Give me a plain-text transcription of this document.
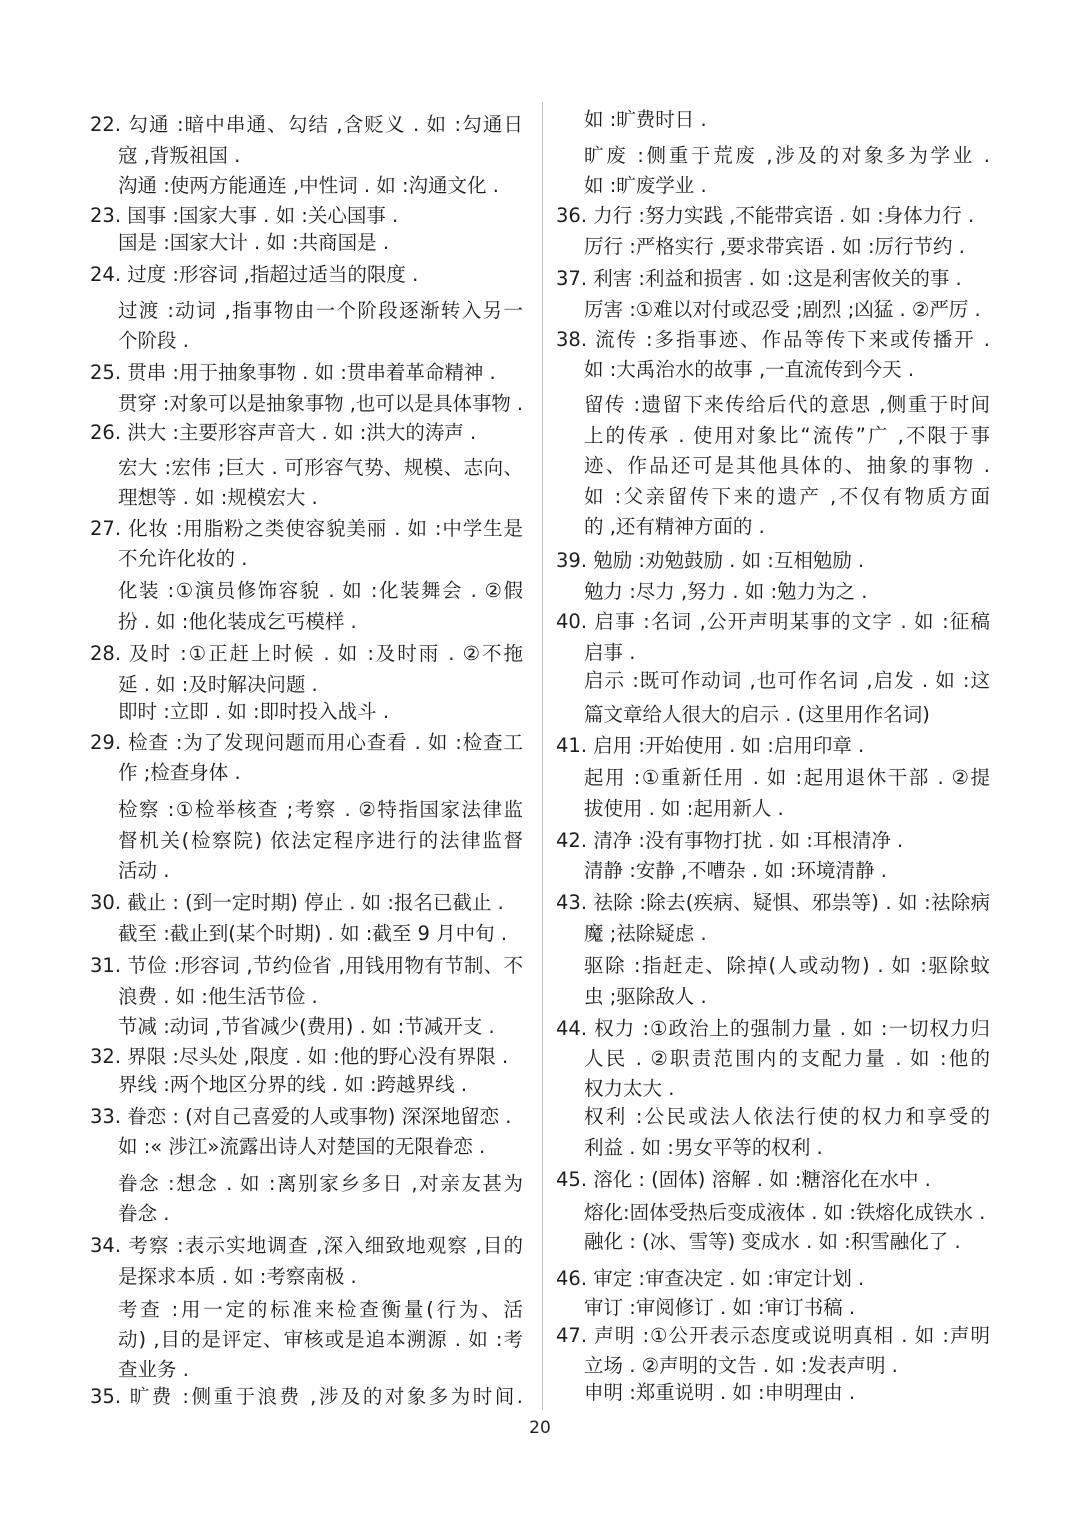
22. 勾通 :暗中串通、勾结 ,含贬义 . 如 :勾通日
寇 ,背叛祖国 .
沟通 :使两方能通连 ,中性词 . 如 :沟通文化 .
23. 国事 :国家大事 . 如 :关心国事 .
国是 :国家大计 . 如 :共商国是 .
24. 过度 :形容词 ,指超过适当的限度 .
过渡 :动词 ,指事物由一个阶段逐渐转入另一
个阶段 .
25. 贯串 :用于抽象事物 . 如 :贯串着革命精神 .
贯穿 :对象可以是抽象事物 ,也可以是具体事物 .
26. 洪大 :主要形容声音大 . 如 :洪大的涛声 .
宏大 :宏伟 ;巨大 . 可形容气势、规模、志向、
理想等 . 如 :规模宏大 .
27. 化妆 :用脂粉之类使容貌美丽 . 如 :中学生是
不允许化妆的 .
化装 :①演员修饰容貌 . 如 :化装舞会 . ②假
扮 . 如 :他化装成乞丐模样 .
28. 及时 :①正赶上时候 . 如 :及时雨 . ②不拖
延 . 如 :及时解决问题 .
即时 :立即 . 如 :即时投入战斗 .
29. 检查 :为了发现问题而用心查看 . 如 :检查工
作 ;检查身体 .
检察 :①检举核查 ;考察 . ②特指国家法律监
督机关(检察院) 依法定程序进行的法律监督
活动 .
30. 截止 : (到一定时期) 停止 . 如 :报名已截止 .
截至 :截止到(某个时期) . 如 :截至 9 月中旬 .
31. 节俭 :形容词 ,节约俭省 ,用钱用物有节制、不
浪费 . 如 :他生活节俭 .
节减 :动词 ,节省减少(费用) . 如 :节减开支 .
32. 界限 :尽头处 ,限度 . 如 :他的野心没有界限 .
界线 :两个地区分界的线 . 如 :跨越界线 .
33. 眷恋 : (对自己喜爱的人或事物) 深深地留恋 .
如 :« 涉江»流露出诗人对楚国的无限眷恋 .
眷念 :想念 . 如 :离别家乡多日 ,对亲友甚为
眷念 .
34. 考察 :表示实地调查 ,深入细致地观察 ,目的
是探求本质 . 如 :考察南极 .
考查 :用一定的标准来检查衡量(行为、活
动) ,目的是评定、审核或是追本溯源 . 如 :考
查业务 .
35. 旷费 :侧重于浪费 ,涉及的对象多为时间.
如 :旷费时日 .
旷废 :侧重于荒废 ,涉及的对象多为学业 .
如 :旷废学业 .
36. 力行 :努力实践 ,不能带宾语 . 如 :身体力行 .
厉行 :严格实行 ,要求带宾语 . 如 :厉行节约 .
37. 利害 :利益和损害 . 如 :这是利害攸关的事 .
厉害 :①难以对付或忍受 ;剧烈 ;凶猛 . ②严厉 .
38. 流传 :多指事迹、作品等传下来或传播开 .
如 :大禹治水的故事 ,一直流传到今天 .
留传 :遗留下来传给后代的意思 ,侧重于时间
上的传承 . 使用对象比“流传”广 ,不限于事
迹、作品还可是其他具体的、抽象的事物 .
如 :父亲留传下来的遗产 ,不仅有物质方面
的 ,还有精神方面的 .
39. 勉励 :劝勉鼓励 . 如 :互相勉励 .
勉力 :尽力 ,努力 . 如 :勉力为之 .
40. 启事 :名词 ,公开声明某事的文字 . 如 :征稿
启事 .
启示 :既可作动词 ,也可作名词 ,启发 . 如 :这
篇文章给人很大的启示 . (这里用作名词)
41. 启用 :开始使用 . 如 :启用印章 .
起用 :①重新任用 . 如 :起用退休干部 . ②提
拔使用 . 如 :起用新人 .
42. 清净 :没有事物打扰 . 如 :耳根清净 .
清静 :安静 ,不嘈杂 . 如 :环境清静 .
43. 祛除 :除去(疾病、疑惧、邪祟等) . 如 :祛除病
魔 ;祛除疑虑 .
驱除 :指赶走、除掉(人或动物) . 如 :驱除蚊
虫 ;驱除敌人 .
44. 权力 :①政治上的强制力量 . 如 :一切权力归
人民 . ②职责范围内的支配力量 . 如 :他的
权力太大 .
权利 :公民或法人依法行使的权力和享受的
利益 . 如 :男女平等的权利 .
45. 溶化 : (固体) 溶解 . 如 :糖溶化在水中 .
熔化:固体受热后变成液体 . 如 :铁熔化成铁水 .
融化 : (冰、雪等) 变成水 . 如 :积雪融化了 .
46. 审定 :审查决定 . 如 :审定计划 .
审订 :审阅修订 . 如 :审订书稿 .
47. 声明 :①公开表示态度或说明真相 . 如 :声明
立场 . ②声明的文告 . 如 :发表声明 .
申明 :郑重说明 . 如 :申明理由 .
20
